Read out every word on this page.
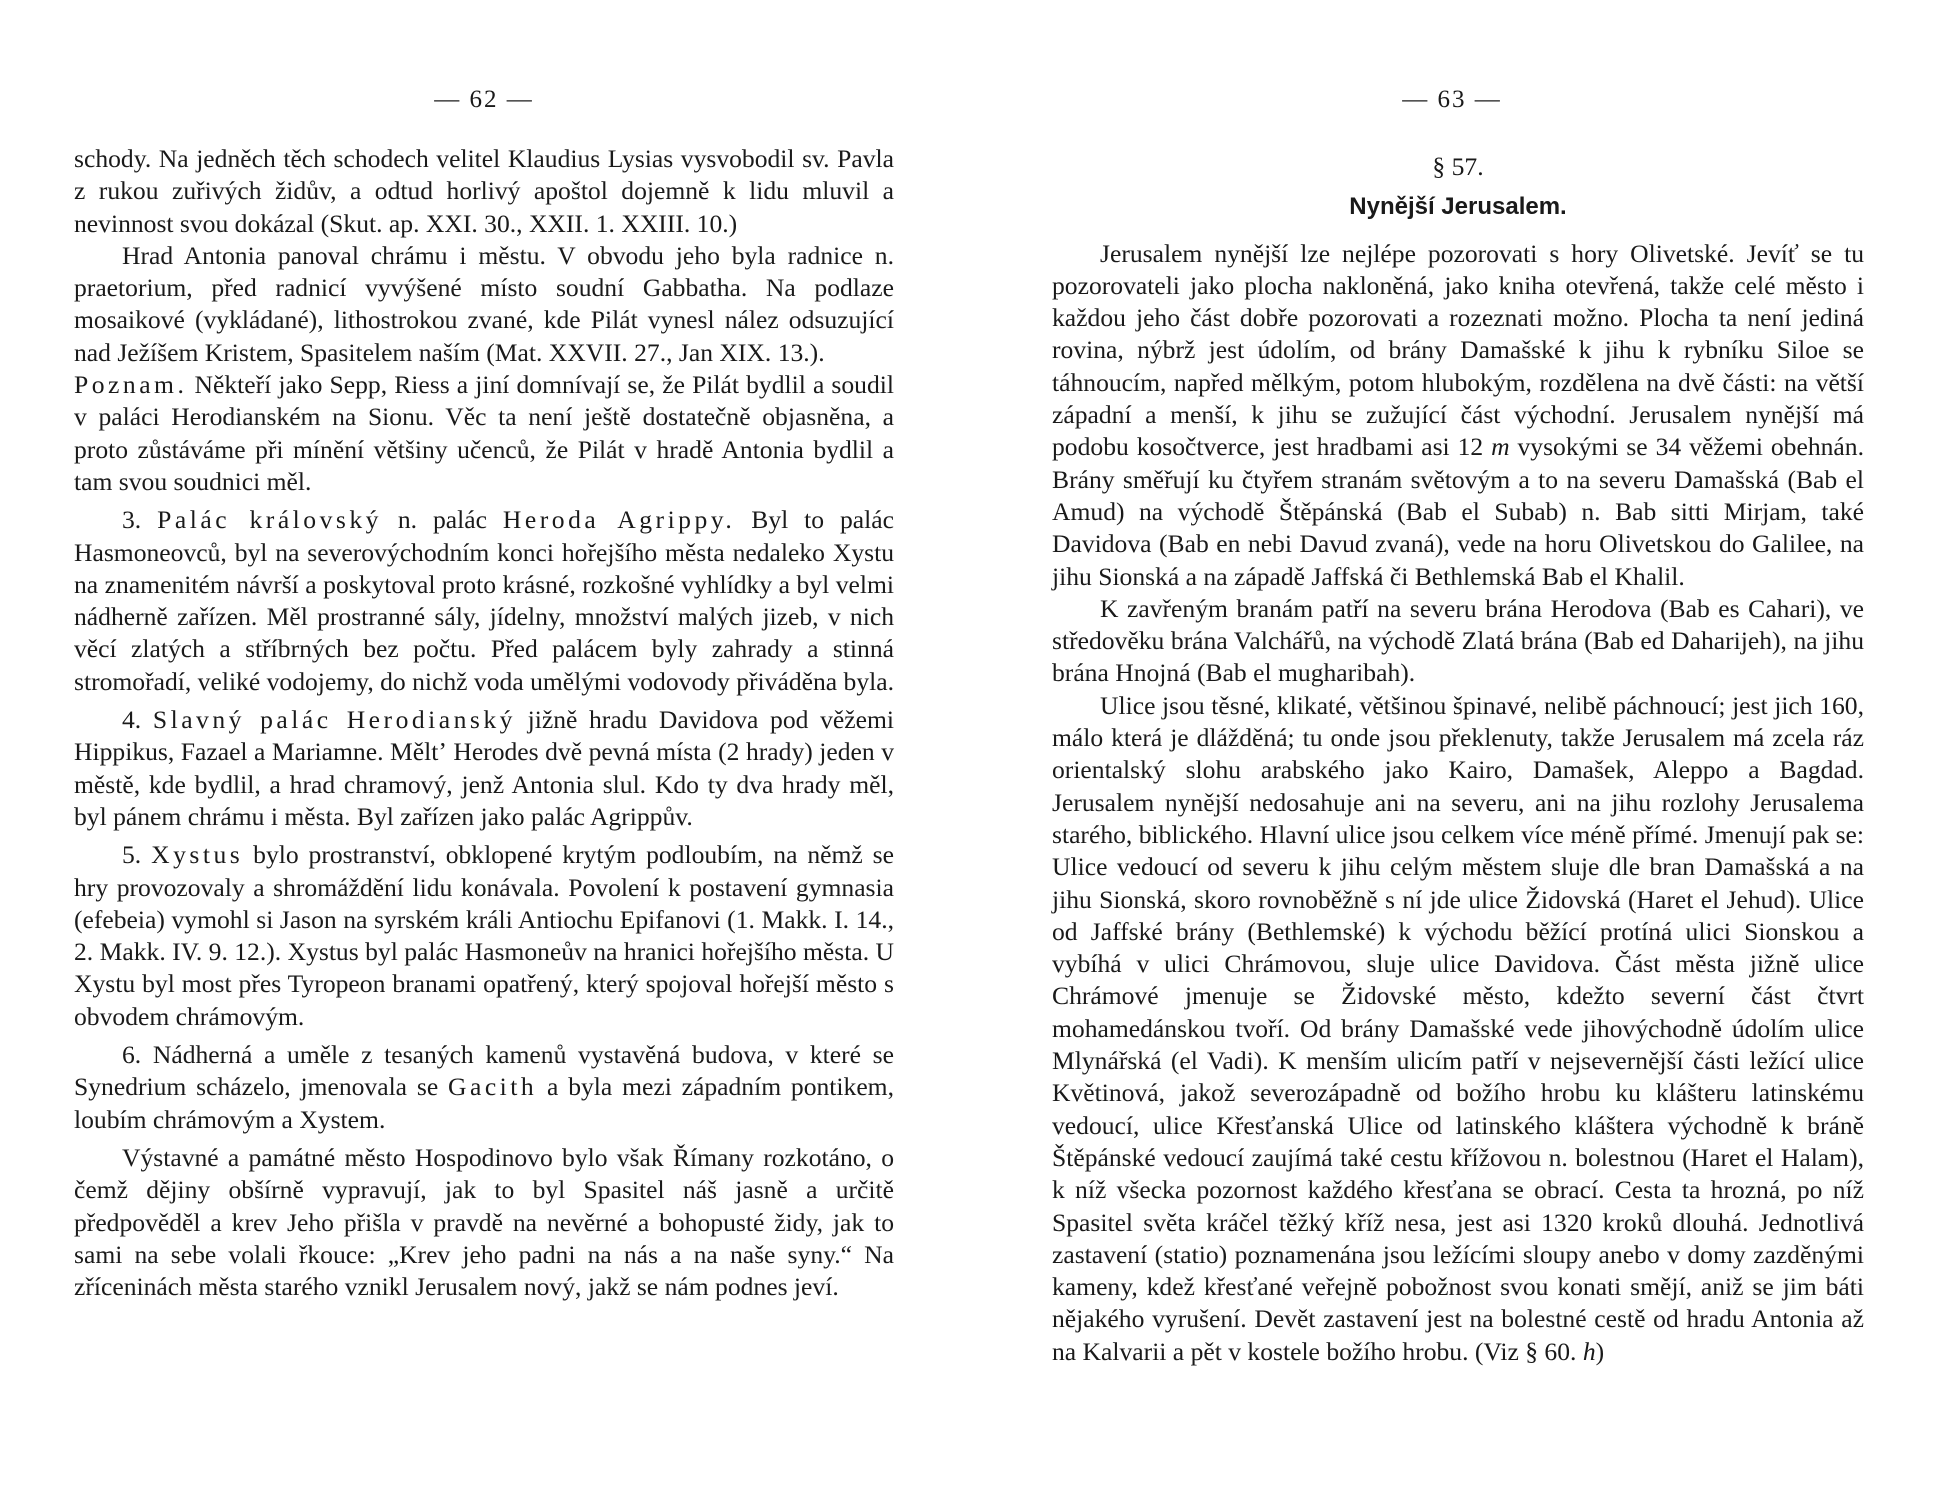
— 62 —

schody. Na jedněch těch schodech velitel Klaudius Lysias vysvobodil sv. Pavla z rukou zuřivých židův, a odtud horlivý apoštol dojemně k lidu mluvil a nevinnost svou dokázal (Skut. ap. XXI. 30., XXII. 1. XXIII. 10.)

Hrad Antonia panoval chrámu i městu. V obvodu jeho byla radnice n. praetorium, před radnicí vyvýšené místo soudní Gabbatha. Na podlaze mosaikové (vykládané), lithostrokou zvané, kde Pilát vynesl nález odsuzující nad Ježíšem Kristem, Spasitelem naším (Mat. XXVII. 27., Jan XIX. 13.).

Poznam. Někteří jako Sepp, Riess a jiní domnívají se, že Pilát bydlil a soudil v paláci Herodianském na Sionu. Věc ta není ještě dostatečně objasněna, a proto zůstáváme při mínění většiny učenců, že Pilát v hradě Antonia bydlil a tam svou soudnici měl.

3. Palác královský n. palác Heroda Agrippy. Byl to palác Hasmoneovců, byl na severovýchodním konci hořejšího města nedaleko Xystu na znamenitém návrší a poskytoval proto krásné, rozkošné vyhlídky a byl velmi nádherně zařízen. Měl prostranné sály, jídelny, množství malých jizeb, v nich věcí zlatých a stříbrných bez počtu. Před palácem byly zahrady a stinná stromořadí, veliké vodojemy, do nichž voda umělými vodovody přiváděna byla.

4. Slavný palác Herodianský jižně hradu Davidova pod věžemi Hippikus, Fazael a Mariamne. Měltʼ Herodes dvě pevná místa (2 hrady) jeden v městě, kde bydlil, a hrad chramový, jenž Antonia slul. Kdo ty dva hrady měl, byl pánem chrámu i města. Byl zařízen jako palác Agrippův.

5. Xystus bylo prostranství, obklopené krytým podloubím, na němž se hry provozovaly a shromáždění lidu konávala. Povolení k postavení gymnasia (efebeia) vymohl si Jason na syrském králi Antiochu Epifanovi (1. Makk. I. 14., 2. Makk. IV. 9. 12.). Xystus byl palác Hasmoneův na hranici hořejšího města. U Xystu byl most přes Tyropeon branami opatřený, který spojoval hořejší město s obvodem chrámovým.

6. Nádherná a uměle z tesaných kamenů vystavěná budova, v které se Synedrium scházelo, jmenovala se Gacith a byla mezi západním pontikem, loubím chrámovým a Xystem.

Výstavné a památné město Hospodinovo bylo však Římany rozkotáno, o čemž dějiny obšírně vypravují, jak to byl Spasitel náš jasně a určitě předpověděl a krev Jeho přišla v pravdě na nevěrné a bohopusté židy, jak to sami na sebe volali řkouce: „Krev jeho padni na nás a na naše syny.“ Na zříceninách města starého vznikl Jerusalem nový, jakž se nám podnes jeví.

— 63 —
§ 57.
Nynější Jerusalem.

Jerusalem nynější lze nejlépe pozorovati s hory Olivetské. Jevíť se tu pozorovateli jako plocha nakloněná, jako kniha otevřená, takže celé město i každou jeho část dobře pozorovati a rozeznati možno. Plocha ta není jediná rovina, nýbrž jest údolím, od brány Damašské k jihu k rybníku Siloe se táhnoucím, napřed mělkým, potom hlubokým, rozdělena na dvě části: na větší západní a menší, k jihu se zužující část východní. Jerusalem nynější má podobu kosočtverce, jest hradbami asi 12 m vysokými se 34 věžemi obehnán. Brány směřují ku čtyřem stranám světovým a to na severu Damašská (Bab el Amud) na východě Štěpánská (Bab el Subab) n. Bab sitti Mirjam, také Davidova (Bab en nebi Davud zvaná), vede na horu Olivetskou do Galilee, na jihu Sionská a na západě Jaffská či Bethlemská Bab el Khalil.

K zavřeným branám patří na severu brána Herodova (Bab es Cahari), ve středověku brána Valchářů, na východě Zlatá brána (Bab ed Daharijeh), na jihu brána Hnojná (Bab el mugharibah).

Ulice jsou těsné, klikaté, většinou špinavé, nelibě páchnoucí; jest jich 160, málo která je dlážděná; tu onde jsou překlenuty, takže Jerusalem má zcela ráz orientalský slohu arabského jako Kairo, Damašek, Aleppo a Bagdad. Jerusalem nynější nedosahuje ani na severu, ani na jihu rozlohy Jerusalema starého, biblického. Hlavní ulice jsou celkem více méně přímé. Jmenují pak se: Ulice vedoucí od severu k jihu celým městem sluje dle bran Damašská a na jihu Sionská, skoro rovnoběžně s ní jde ulice Židovská (Haret el Jehud). Ulice od Jaffské brány (Bethlemské) k východu běžící protíná ulici Sionskou a vybíhá v ulici Chrámovou, sluje ulice Davidova. Část města jižně ulice Chrámové jmenuje se Židovské město, kdežto severní část čtvrt mohamedánskou tvoří. Od brány Damašské vede jihovýchodně údolím ulice Mlynářská (el Vadi). K menším ulicím patří v nejsevernější části ležící ulice Květinová, jakož severozápadně od božího hrobu ku klášteru latinskému vedoucí, ulice Křesťanská Ulice od latinského kláštera východně k bráně Štěpánské vedoucí zaujímá také cestu křížovou n. bolestnou (Haret el Halam), k níž všecka pozornost každého křesťana se obrací. Cesta ta hrozná, po níž Spasitel světa kráčel těžký kříž nesa, jest asi 1320 kroků dlouhá. Jednotlivá zastavení (statio) poznamenána jsou ležícími sloupy anebo v domy zazděnými kameny, kdež křesťané veřejně pobožnost svou konati smějí, aniž se jim báti nějakého vyrušení. Devět zastavení jest na bolestné cestě od hradu Antonia až na Kalvarii a pět v kostele božího hrobu. (Viz § 60. h)
